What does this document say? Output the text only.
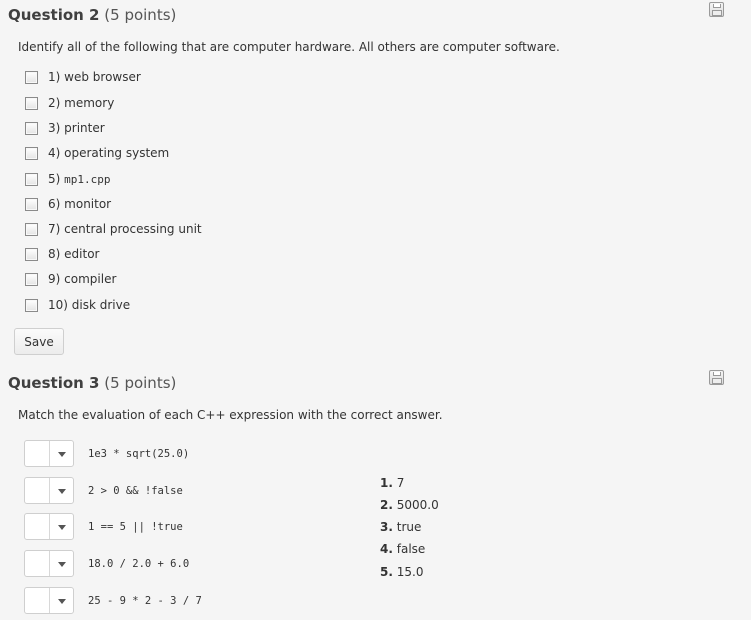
Question 2 (5 points)
Identify all of the following that are computer hardware. All others are computer software.
1)
web browser
2)
memory
3)
printer
4)
operating system
5)
mp1.cpp
6)
monitor
7)
central processing unit
8)
editor
9)
compiler
10)
disk drive
Save
Question 3 (5 points)
Match the evaluation of each C++ expression with the correct answer.
1e3 * sqrt(25.0)
2 > 0 && !false
1 == 5 || !true
18.0 / 2.0 + 6.0
25 - 9 * 2 - 3 / 7
1. 7
2. 5000.0
3. true
4. false
5. 15.0
